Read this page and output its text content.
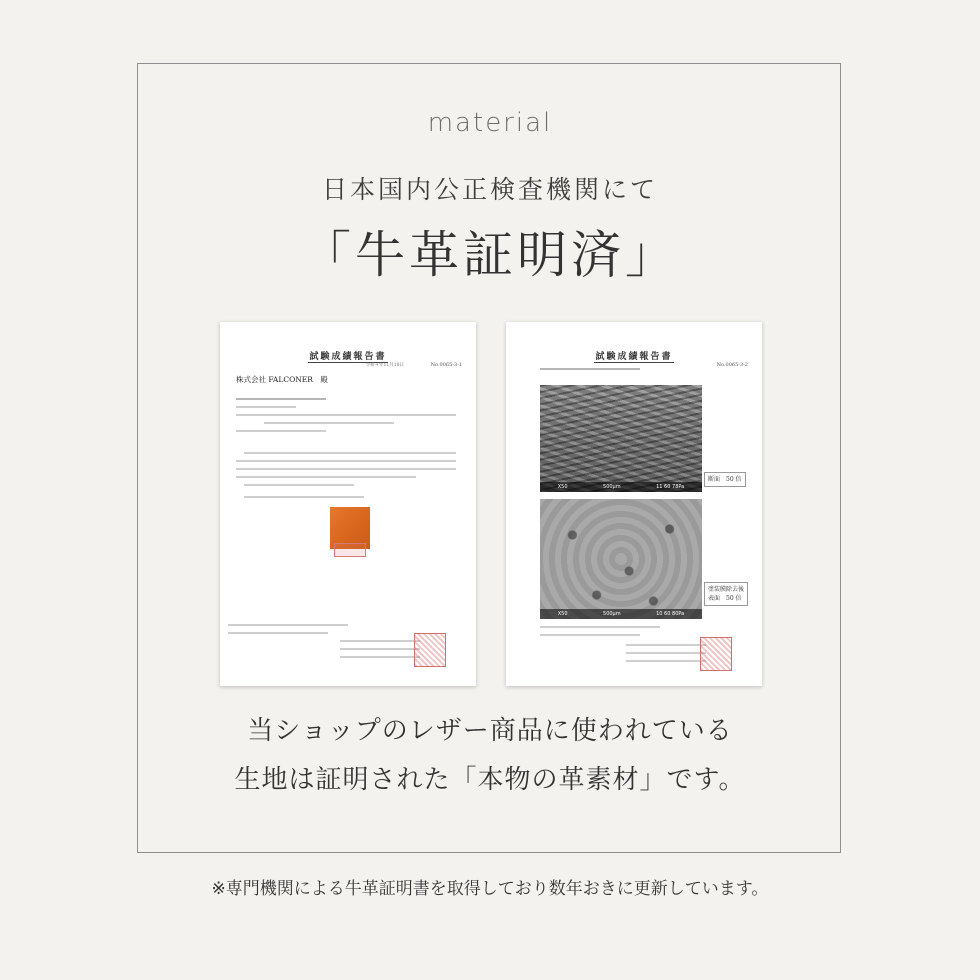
material
日本国内公正検査機関にて
「牛革証明済」
試験成績報告書
令和４年11月10日	No.0065-3-1
株式会社 FALCONER　殿
試験成績報告書
No.0065-3-2
X50	500μm	11 60 78Pa
断面　50 倍
X50	500μm	10 60 80Pa
塗装膜除去後
表面　50 倍
当ショップのレザー商品に使われている
生地は証明された「本物の革素材」です。
※専門機関による牛革証明書を取得しており数年おきに更新しています。
